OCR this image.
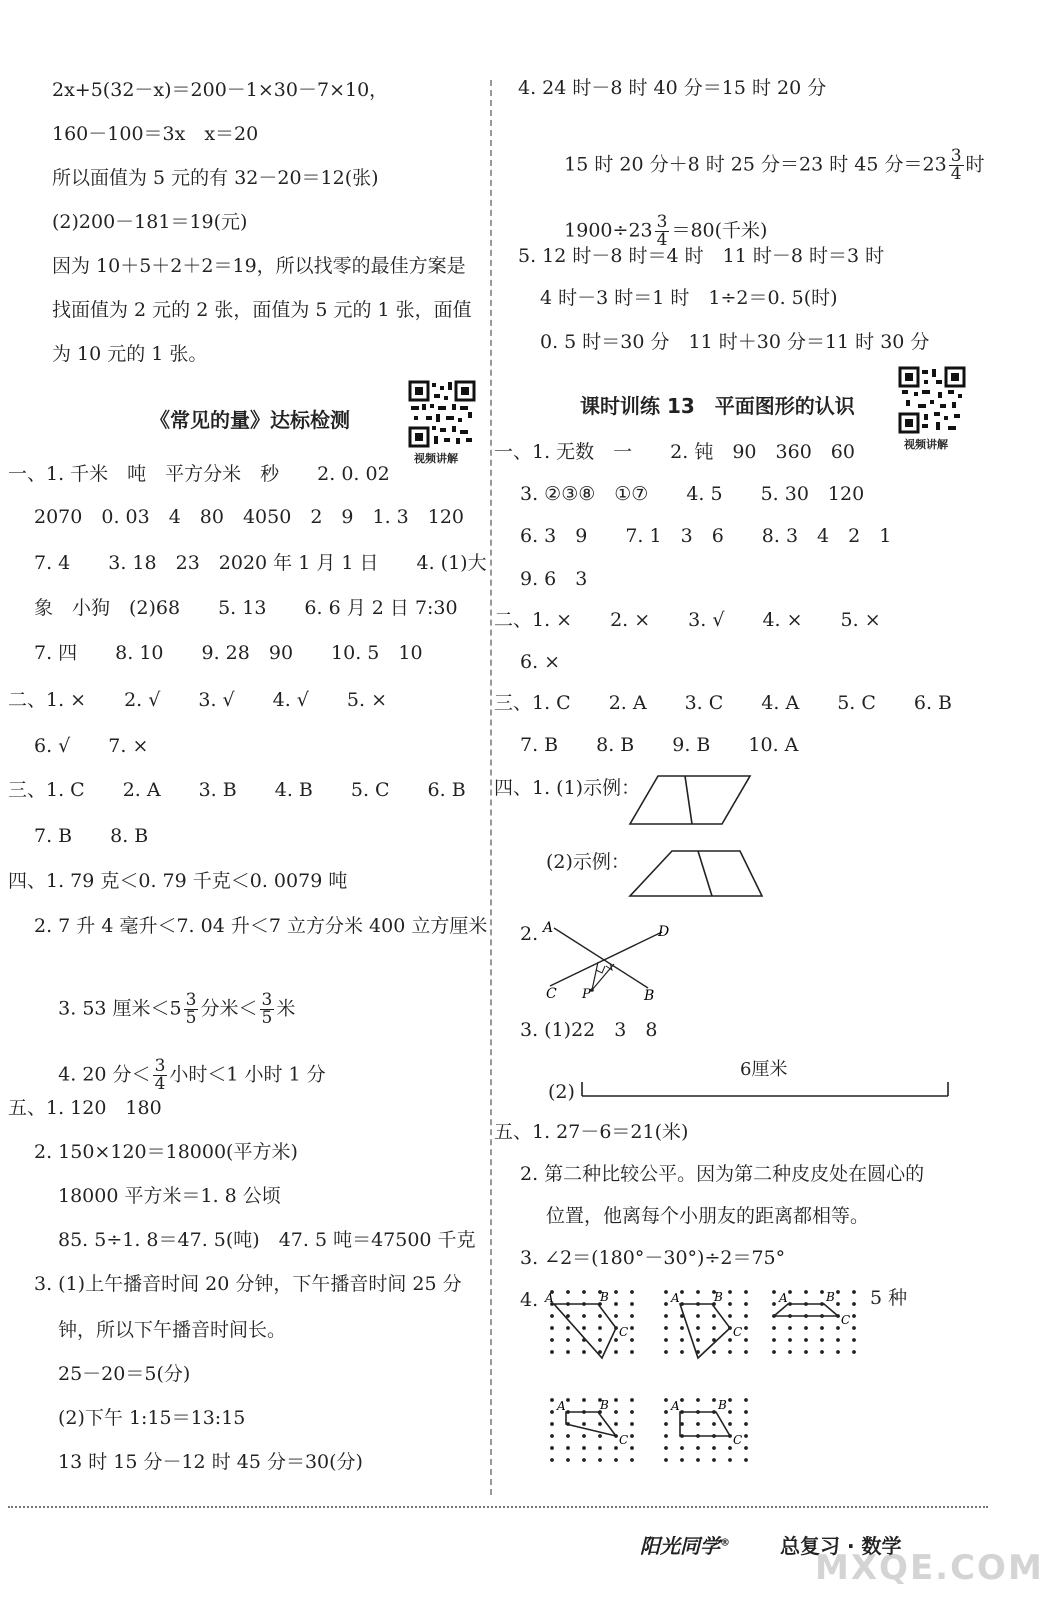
2x+5(32－x)＝200－1×30－7×10，
160－100＝3x　x＝20
所以面值为 5 元的有 32－20＝12(张)
(2)200－181＝19(元)
因为 10＋5＋2＋2＝19，所以找零的最佳方案是
找面值为 2 元的 2 张，面值为 5 元的 1 张，面值
为 10 元的 1 张。
《常见的量》达标检测
视频讲解
一、1. 千米　吨　平方分米　秒　　2. 0. 02
2070　0. 03　4　80　4050　2　9　1. 3　120
7. 4　　3. 18　23　2020 年 1 月 1 日　　4. (1)大
象　小狗　(2)68　　5. 13　　6. 6 月 2 日 7:30
7. 四　　8. 10　　9. 28　90　　10. 5　10
二、1. ×　　2. √　　3. √　　4. √　　5. ×
6. √　　7. ×
三、1. C　　2. A　　3. B　　4. B　　5. C　　6. B
7. B　　8. B
四、1. 79 克＜0. 79 千克＜0. 0079 吨
2. 7 升 4 毫升＜7. 04 升＜7 立方分米 400 立方厘米

3. 53 厘米$<5 \frac{3}{5}$ 分米＜ $\frac{3}{5}$ 米

4. 20 分＜ $\frac{3}{4}$ 小时＜1 小时 1 分

五、1. 120　180
2. 150×120＝18000(平方米)
18000 平方米＝1. 8 公顷
85. 5÷1. 8＝47. 5(吨)　47. 5 吨＝47500 千克
3. (1)上午播音时间 20 分钟，下午播音时间 25 分
钟，所以下午播音时间长。
25－20＝5(分)
(2)下午 1:15＝13:15
13 时 15 分－12 时 45 分＝30(分)
4. 24 时－8 时 40 分＝15 时 20 分

15 时 20 分＋8 时 25 分＝23 时 45 分$=23 \frac{3}{4}$ 时

$1900\div 23 \frac{3}{4} =80$(千米)

5. 12 时－8 时＝4 时　11 时－8 时＝3 时
4 时－3 时＝1 时　1÷2＝0. 5(时)
0. 5 时＝30 分　11 时＋30 分＝11 时 30 分
课时训练 13　平面图形的认识
视频讲解
一、1. 无数　一　　2. 钝　90　360　60
3. ②③⑧　①⑦　　4. 5　　5. 30　120
6. 3　9　　7. 1　3　6　　8. 3　4　2　1
9. 6　3
二、1. ×　　2. ×　　3. √　　4. ×　　5. ×
6. ×
三、1. C　　2. A　　3. C　　4. A　　5. C　　6. B
7. B　　8. B　　9. B　　10. A
四、1. (1)示例：
(2)示例：
2. A	D
C P	B
3. (1)22　3　8
(2)
6厘米
五、1. 27－6＝21(米)
2. 第二种比较公平。因为第二种皮皮处在圆心的
位置，他离每个小朋友的距离都相等。
3. ∠2＝(180°－30°)÷2＝75°
4.	5 种
A	B
C
A	B
C
A	B
C
A	B
C
A	B
C
阳光同学®	总复习 · 数学
MXQE.COM
